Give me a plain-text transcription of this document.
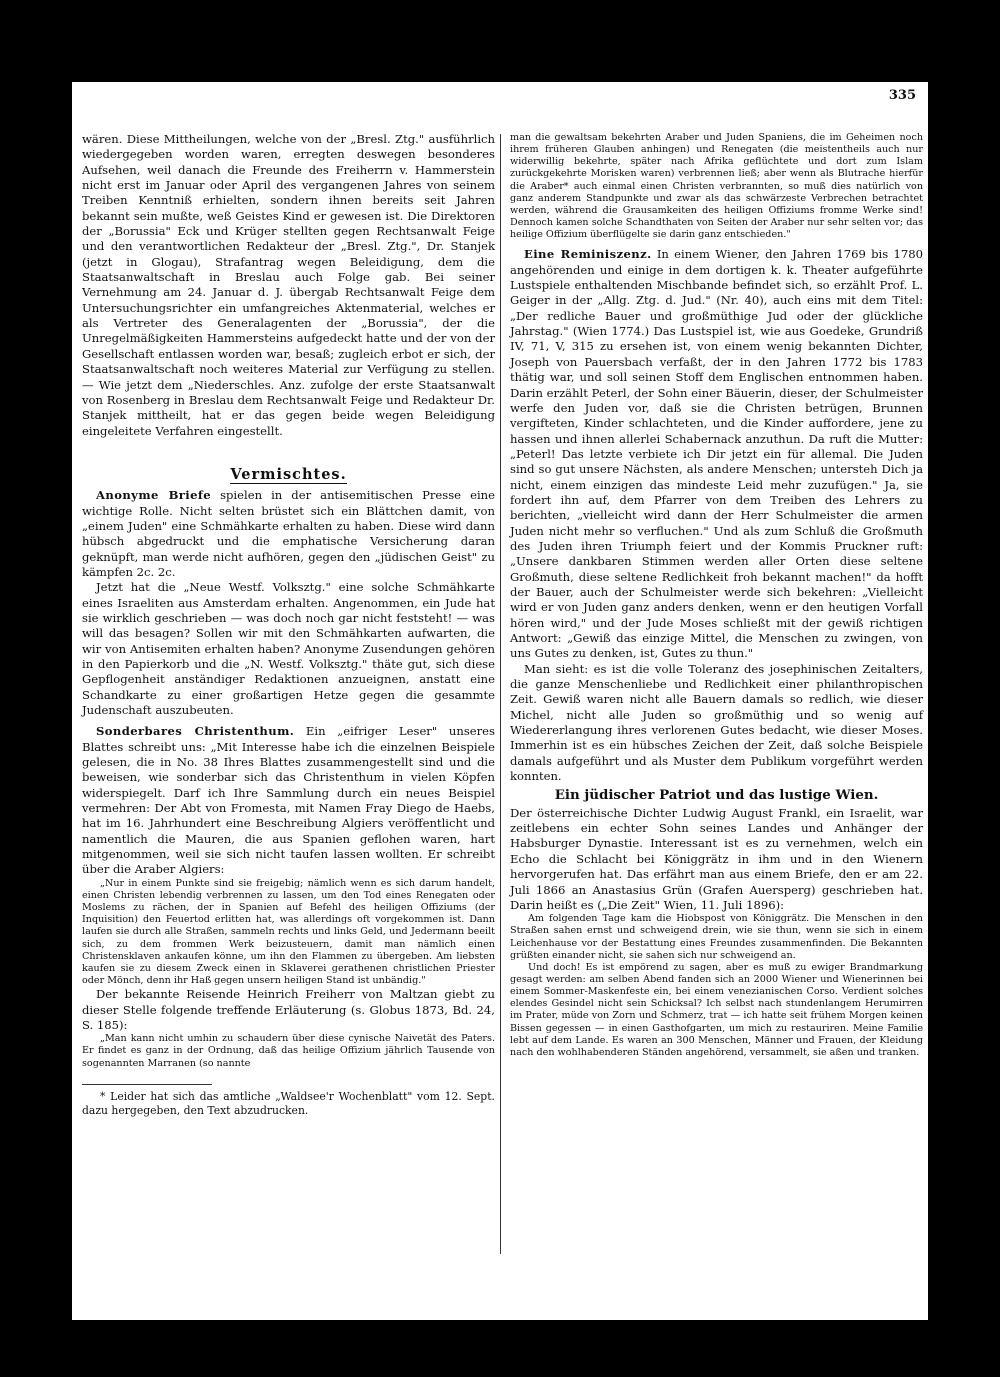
335

wären. Diese Mittheilungen, welche von der „Bresl. Ztg." ausführlich wiedergegeben worden waren, erregten deswegen besonderes Aufsehen, weil danach die Freunde des Freiherrn v. Hammerstein nicht erst im Januar oder April des vergangenen Jahres von seinem Treiben Kenntniß erhielten, sondern ihnen bereits seit Jahren bekannt sein mußte, weß Geistes Kind er gewesen ist. Die Direktoren der „Borussia" Eck und Krüger stellten gegen Rechtsanwalt Feige und den verantwortlichen Redakteur der „Bresl. Ztg.", Dr. Stanjek (jetzt in Glogau), Strafantrag wegen Beleidigung, dem die Staatsanwaltschaft in Breslau auch Folge gab. Bei seiner Vernehmung am 24. Januar d. J. übergab Rechtsanwalt Feige dem Untersuchungsrichter ein umfangreiches Aktenmaterial, welches er als Vertreter des Generalagenten der „Borussia", der die Unregelmäßigkeiten Hammersteins aufgedeckt hatte und der von der Gesellschaft entlassen worden war, besaß; zugleich erbot er sich, der Staatsanwaltschaft noch weiteres Material zur Verfügung zu stellen. — Wie jetzt dem „Niederschles. Anz. zufolge der erste Staatsanwalt von Rosenberg in Breslau dem Rechtsanwalt Feige und Redakteur Dr. Stanjek mittheilt, hat er das gegen beide wegen Beleidigung eingeleitete Verfahren eingestellt.

Vermischtes.

Anonyme Briefe spielen in der antisemitischen Presse eine wichtige Rolle. Nicht selten brüstet sich ein Blättchen damit, von „einem Juden" eine Schmähkarte erhalten zu haben. Diese wird dann hübsch abgedruckt und die emphatische Versicherung daran geknüpft, man werde nicht aufhören, gegen den „jüdischen Geist" zu kämpfen 2c. 2c.

Jetzt hat die „Neue Westf. Volksztg." eine solche Schmähkarte eines Israeliten aus Amsterdam erhalten. Angenommen, ein Jude hat sie wirklich geschrieben — was doch noch gar nicht feststeht! — was will das besagen? Sollen wir mit den Schmähkarten aufwarten, die wir von Antisemiten erhalten haben? Anonyme Zusendungen gehören in den Papierkorb und die „N. Westf. Volksztg." thäte gut, sich diese Gepflogenheit anständiger Redaktionen anzueignen, anstatt eine Schandkarte zu einer großartigen Hetze gegen die gesammte Judenschaft auszubeuten.

Sonderbares Christenthum. Ein „eifriger Leser" unseres Blattes schreibt uns: „Mit Interesse habe ich die einzelnen Beispiele gelesen, die in No. 38 Ihres Blattes zusammengestellt sind und die beweisen, wie sonderbar sich das Christenthum in vielen Köpfen widerspiegelt. Darf ich Ihre Sammlung durch ein neues Beispiel vermehren: Der Abt von Fromesta, mit Namen Fray Diego de Haebs, hat im 16. Jahrhundert eine Beschreibung Algiers veröffentlicht und namentlich die Mauren, die aus Spanien geflohen waren, hart mitgenommen, weil sie sich nicht taufen lassen wollten. Er schreibt über die Araber Algiers:

„Nur in einem Punkte sind sie freigebig; nämlich wenn es sich darum handelt, einen Christen lebendig verbrennen zu lassen, um den Tod eines Renegaten oder Moslems zu rächen, der in Spanien auf Befehl des heiligen Offiziums (der Inquisition) den Feuertod erlitten hat, was allerdings oft vorgekommen ist. Dann laufen sie durch alle Straßen, sammeln rechts und links Geld, und Jedermann beeilt sich, zu dem frommen Werk beizusteuern, damit man nämlich einen Christensklaven ankaufen könne, um ihn den Flammen zu übergeben. Am liebsten kaufen sie zu diesem Zweck einen in Sklaverei gerathenen christlichen Priester oder Mönch, denn ihr Haß gegen unsern heiligen Stand ist unbändig."

Der bekannte Reisende Heinrich Freiherr von Maltzan giebt zu dieser Stelle folgende treffende Erläuterung (s. Globus 1873, Bd. 24, S. 185):

„Man kann nicht umhin zu schaudern über diese cynische Naivetät des Paters. Er findet es ganz in der Ordnung, daß das heilige Offizium jährlich Tausende von sogenannten Marranen (so nannte

* Leider hat sich das amtliche „Waldsee'r Wochenblatt" vom 12. Sept. dazu hergegeben, den Text abzudrucken.

man die gewaltsam bekehrten Araber und Juden Spaniens, die im Geheimen noch ihrem früheren Glauben anhingen) und Renegaten (die meistentheils auch nur widerwillig bekehrte, später nach Afrika geflüchtete und dort zum Islam zurückgekehrte Morisken waren) verbrennen ließ; aber wenn als Blutrache hierfür die Araber* auch einmal einen Christen verbrannten, so muß dies natürlich von ganz anderem Standpunkte und zwar als das schwärzeste Verbrechen betrachtet werden, während die Grausamkeiten des heiligen Offiziums fromme Werke sind! Dennoch kamen solche Schandthaten von Seiten der Araber nur sehr selten vor; das heilige Offizium überflügelte sie darin ganz entschieden."

Eine Reminiszenz. In einem Wiener, den Jahren 1769 bis 1780 angehörenden und einige in dem dortigen k. k. Theater aufgeführte Lustspiele enthaltenden Mischbande befindet sich, so erzählt Prof. L. Geiger in der „Allg. Ztg. d. Jud." (Nr. 40), auch eins mit dem Titel: „Der redliche Bauer und großmüthige Jud oder der glückliche Jahrstag." (Wien 1774.) Das Lustspiel ist, wie aus Goedeke, Grundriß IV, 71, V, 315 zu ersehen ist, von einem wenig bekannten Dichter, Joseph von Pauersbach verfaßt, der in den Jahren 1772 bis 1783 thätig war, und soll seinen Stoff dem Englischen entnommen haben. Darin erzählt Peterl, der Sohn einer Bäuerin, dieser, der Schulmeister werfe den Juden vor, daß sie die Christen betrügen, Brunnen vergifteten, Kinder schlachteten, und die Kinder auffordere, jene zu hassen und ihnen allerlei Schabernack anzuthun. Da ruft die Mutter: „Peterl! Das letzte verbiete ich Dir jetzt ein für allemal. Die Juden sind so gut unsere Nächsten, als andere Menschen; untersteh Dich ja nicht, einem einzigen das mindeste Leid mehr zuzufügen." Ja, sie fordert ihn auf, dem Pfarrer von dem Treiben des Lehrers zu berichten, „vielleicht wird dann der Herr Schulmeister die armen Juden nicht mehr so verfluchen." Und als zum Schluß die Großmuth des Juden ihren Triumph feiert und der Kommis Pruckner ruft: „Unsere dankbaren Stimmen werden aller Orten diese seltene Großmuth, diese seltene Redlichkeit froh bekannt machen!" da hofft der Bauer, auch der Schulmeister werde sich bekehren: „Vielleicht wird er von Juden ganz anders denken, wenn er den heutigen Vorfall hören wird," und der Jude Moses schließt mit der gewiß richtigen Antwort: „Gewiß das einzige Mittel, die Menschen zu zwingen, von uns Gutes zu denken, ist, Gutes zu thun."

Man sieht: es ist die volle Toleranz des josephinischen Zeitalters, die ganze Menschenliebe und Redlichkeit einer philanthropischen Zeit. Gewiß waren nicht alle Bauern damals so redlich, wie dieser Michel, nicht alle Juden so großmüthig und so wenig auf Wiedererlangung ihres verlorenen Gutes bedacht, wie dieser Moses. Immerhin ist es ein hübsches Zeichen der Zeit, daß solche Beispiele damals aufgeführt und als Muster dem Publikum vorgeführt werden konnten.

Ein jüdischer Patriot und das lustige Wien.

Der österreichische Dichter Ludwig August Frankl, ein Israelit, war zeitlebens ein echter Sohn seines Landes und Anhänger der Habsburger Dynastie. Interessant ist es zu vernehmen, welch ein Echo die Schlacht bei Königgrätz in ihm und in den Wienern hervorgerufen hat. Das erfährt man aus einem Briefe, den er am 22. Juli 1866 an Anastasius Grün (Grafen Auersperg) geschrieben hat. Darin heißt es („Die Zeit" Wien, 11. Juli 1896):

Am folgenden Tage kam die Hiobspost von Königgrätz. Die Menschen in den Straßen sahen ernst und schweigend drein, wie sie thun, wenn sie sich in einem Leichenhause vor der Bestattung eines Freundes zusammenfinden. Die Bekannten grüßten einander nicht, sie sahen sich nur schweigend an.

Und doch! Es ist empörend zu sagen, aber es muß zu ewiger Brandmarkung gesagt werden: am selben Abend fanden sich an 2000 Wiener und Wienerinnen bei einem Sommer-Maskenfeste ein, bei einem venezianischen Corso. Verdient solches elendes Gesindel nicht sein Schicksal? Ich selbst nach stundenlangem Herumirren im Prater, müde von Zorn und Schmerz, trat — ich hatte seit frühem Morgen keinen Bissen gegessen — in einen Gasthofgarten, um mich zu restauriren. Meine Familie lebt auf dem Lande. Es waren an 300 Menschen, Männer und Frauen, der Kleidung nach den wohlhabenderen Ständen angehörend, versammelt, sie aßen und tranken.
